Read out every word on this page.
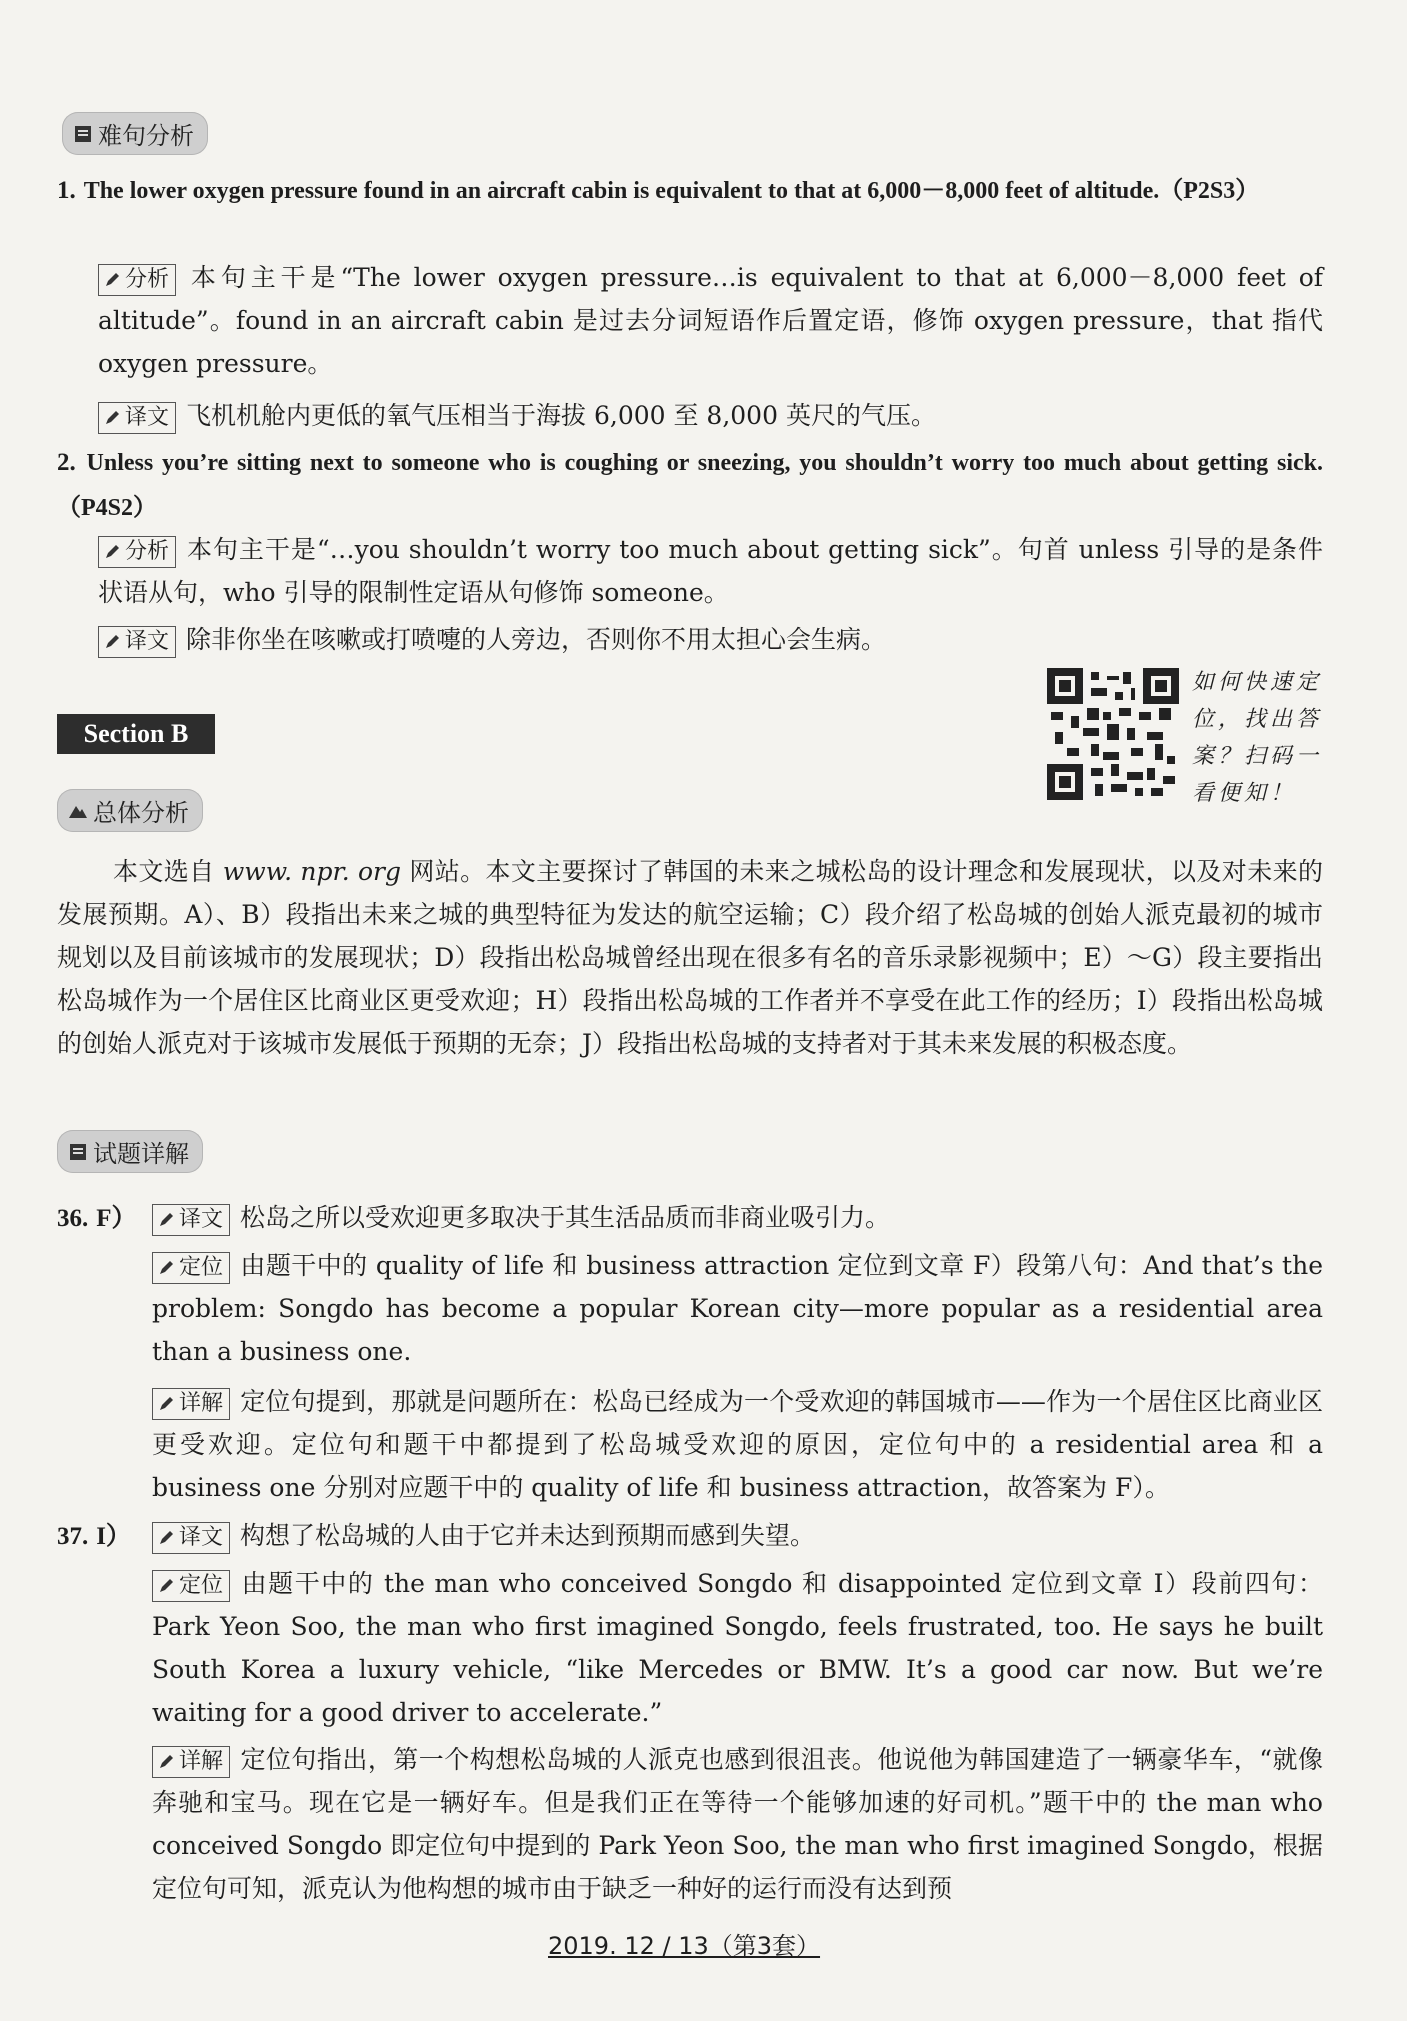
难句分析
1. The lower oxygen pressure found in an aircraft cabin is equivalent to that at 6,000－8,000 feet of altitude.（P2S3）
分析 本句主干是“The lower oxygen pressure…is equivalent to that at 6,000－8,000 feet of altitude”。found in an aircraft cabin 是过去分词短语作后置定语，修饰 oxygen pressure，that 指代 oxygen pressure。
译文 飞机机舱内更低的氧气压相当于海拔 6,000 至 8,000 英尺的气压。
2. Unless you’re sitting next to someone who is coughing or sneezing, you shouldn’t worry too much about getting sick.（P4S2）
分析 本句主干是“…you shouldn’t worry too much about getting sick”。句首 unless 引导的是条件状语从句，who 引导的限制性定语从句修饰 someone。
译文 除非你坐在咳嗽或打喷嚏的人旁边，否则你不用太担心会生病。
Section B
如何快速定位，找出答案？扫码一看便知！
总体分析
本文选自 www. npr. org 网站。本文主要探讨了韩国的未来之城松岛的设计理念和发展现状，以及对未来的发展预期。A）、B）段指出未来之城的典型特征为发达的航空运输；C）段介绍了松岛城的创始人派克最初的城市规划以及目前该城市的发展现状；D）段指出松岛城曾经出现在很多有名的音乐录影视频中；E）～G）段主要指出松岛城作为一个居住区比商业区更受欢迎；H）段指出松岛城的工作者并不享受在此工作的经历；I）段指出松岛城的创始人派克对于该城市发展低于预期的无奈；J）段指出松岛城的支持者对于其未来发展的积极态度。
试题详解
36. F）	译文 松岛之所以受欢迎更多取决于其生活品质而非商业吸引力。
定位 由题干中的 quality of life 和 business attraction 定位到文章 F）段第八句：And that’s the problem: Songdo has become a popular Korean city—more popular as a residential area than a business one.
详解 定位句提到，那就是问题所在：松岛已经成为一个受欢迎的韩国城市——作为一个居住区比商业区更受欢迎。定位句和题干中都提到了松岛城受欢迎的原因，定位句中的 a residential area 和 a business one 分别对应题干中的 quality of life 和 business attraction，故答案为 F）。
37. I）	译文 构想了松岛城的人由于它并未达到预期而感到失望。
定位 由题干中的 the man who conceived Songdo 和 disappointed 定位到文章 I）段前四句：Park Yeon Soo, the man who first imagined Songdo, feels frustrated, too. He says he built South Korea a luxury vehicle, “like Mercedes or BMW. It’s a good car now. But we’re waiting for a good driver to accelerate.”
详解 定位句指出，第一个构想松岛城的人派克也感到很沮丧。他说他为韩国建造了一辆豪华车，“就像奔驰和宝马。现在它是一辆好车。但是我们正在等待一个能够加速的好司机。”题干中的 the man who conceived Songdo 即定位句中提到的 Park Yeon Soo, the man who first imagined Songdo，根据定位句可知，派克认为他构想的城市由于缺乏一种好的运行而没有达到预
2019. 12 / 13（第3套）
